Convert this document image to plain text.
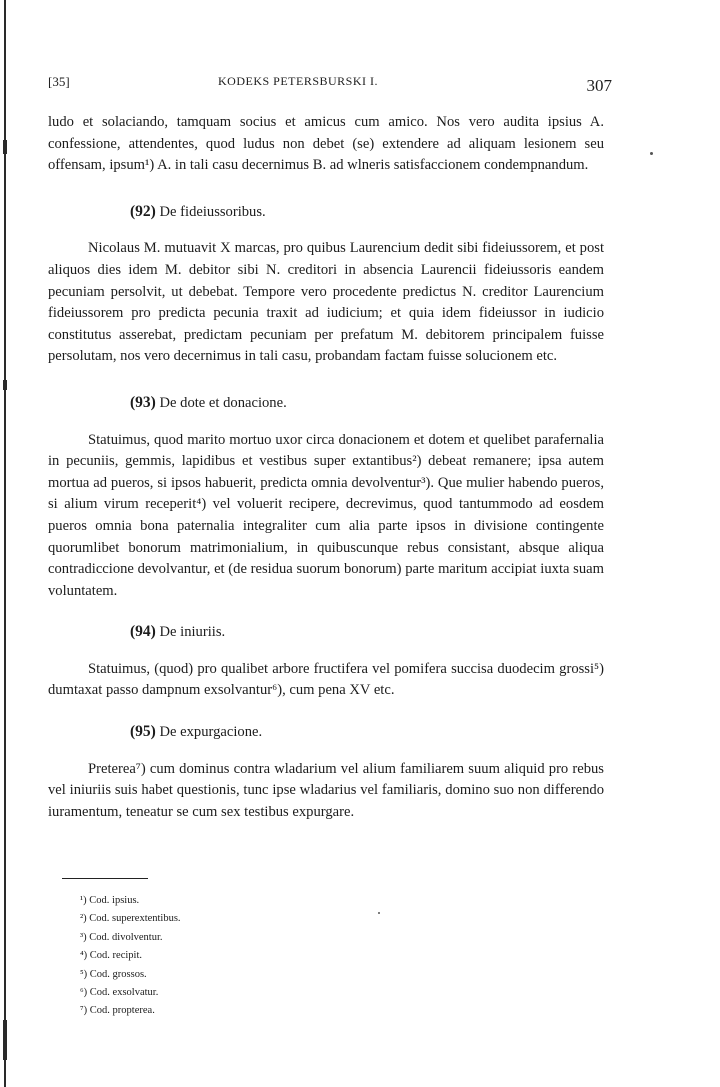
[35]	KODEKS PETERSBURSKI I.	307

ludo et solaciando, tamquam socius et amicus cum amico. Nos vero audita ipsius A. confessione, attendentes, quod ludus non debet (se) extendere ad aliquam lesionem seu offensam, ipsum¹) A. in tali casu decernimus B. ad wlneris satisfaccionem condempnandum.

(92) De fideiussoribus.

Nicolaus M. mutuavit X marcas, pro quibus Laurencium dedit sibi fideiussorem, et post aliquos dies idem M. debitor sibi N. creditori in absencia Laurencii fideiussoris eandem pecuniam persolvit, ut debebat. Tempore vero procedente predictus N. creditor Laurencium fideiussorem pro predicta pecunia traxit ad iudicium; et quia idem fideiussor in iudicio constitutus asserebat, predictam pecuniam per prefatum M. debitorem principalem fuisse persolutam, nos vero decernimus in tali casu, probandam factam fuisse solucionem etc.

(93) De dote et donacione.

Statuimus, quod marito mortuo uxor circa donacionem et dotem et quelibet parafernalia in pecuniis, gemmis, lapidibus et vestibus super extantibus²) debeat remanere; ipsa autem mortua ad pueros, si ipsos habuerit, predicta omnia devolventur³). Que mulier habendo pueros, si alium virum receperit⁴) vel voluerit recipere, decrevimus, quod tantummodo ad eosdem pueros omnia bona paternalia integraliter cum alia parte ipsos in divisione contingente quorumlibet bonorum matrimonialium, in quibuscunque rebus consistant, absque aliqua contradiccione devolvantur, et (de residua suorum bonorum) parte maritum accipiat iuxta suam voluntatem.

(94) De iniuriis.

Statuimus, (quod) pro qualibet arbore fructifera vel pomifera succisa duodecim grossi⁵) dumtaxat passo dampnum exsolvantur⁶), cum pena XV etc.

(95) De expurgacione.

Preterea⁷) cum dominus contra wladarium vel alium familiarem suum aliquid pro rebus vel iniuriis suis habet questionis, tunc ipse wladarius vel familiaris, domino suo non differendo iuramentum, teneatur se cum sex testibus expurgare.

¹) Cod. ipsius.
²) Cod. superextentibus.
³) Cod. divolventur.
⁴) Cod. recipit.
⁵) Cod. grossos.
⁶) Cod. exsolvatur.
⁷) Cod. propterea.
